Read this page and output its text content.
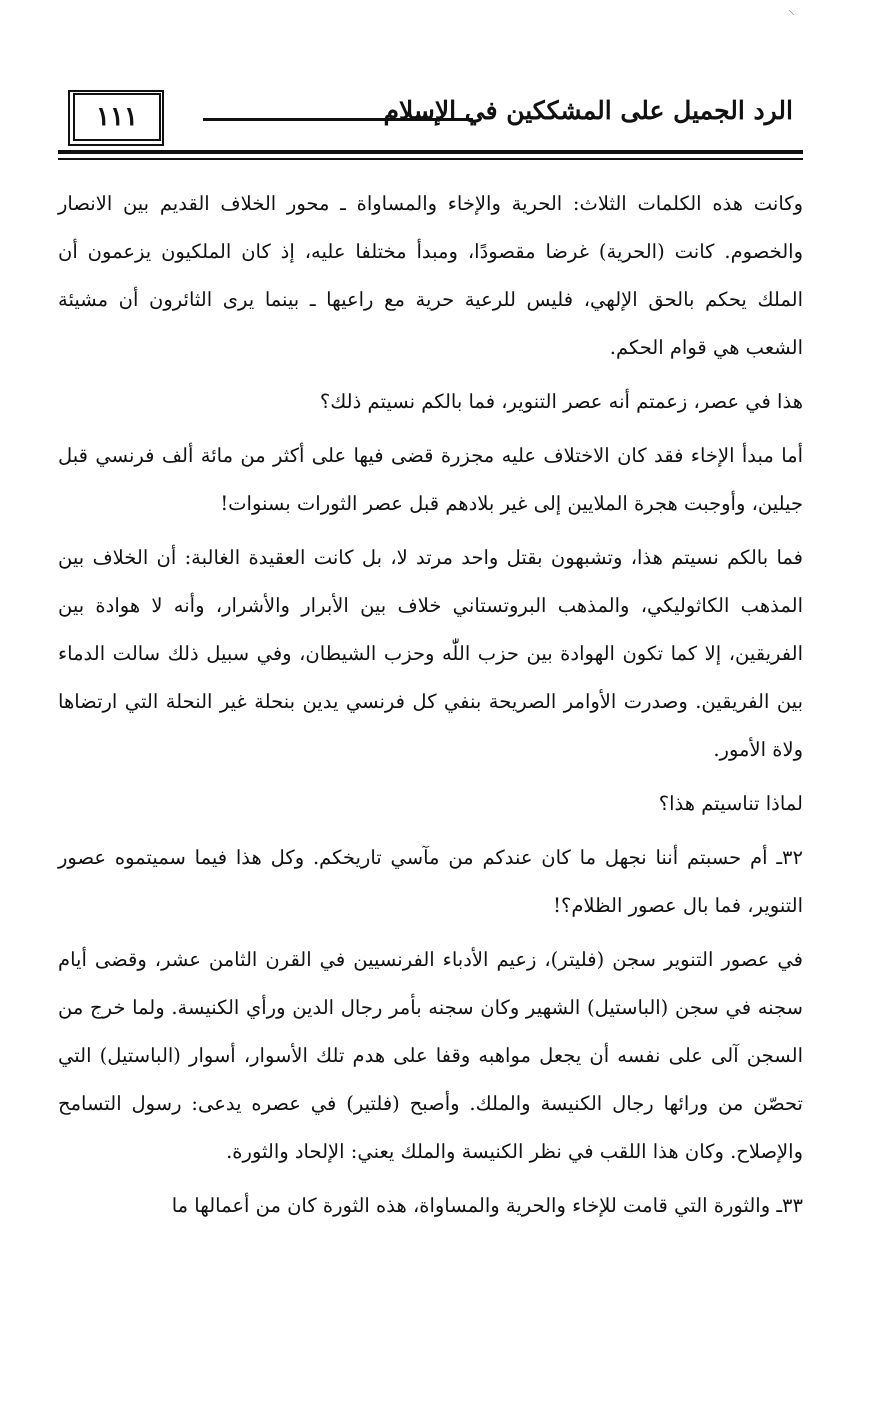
⸜
١١١	الرد الجميل على المشككين في الإسلام

وكانت هذه الكلمات الثلاث: الحرية والإخاء والمساواة ـ محور الخلاف القديم بين الانصار والخصوم. كانت (الحرية) غرضا مقصودًا، ومبدأ مختلفا عليه، إذ كان الملكيون يزعمون أن الملك يحكم بالحق الإلهي، فليس للرعية حرية مع راعيها ـ بينما يرى الثائرون أن مشيئة الشعب هي قوام الحكم.

هذا في عصر، زعمتم أنه عصر التنوير، فما بالكم نسيتم ذلك؟

أما مبدأ الإخاء فقد كان الاختلاف عليه مجزرة قضى فيها على أكثر من مائة ألف فرنسي قبل جيلين، وأوجبت هجرة الملايين إلى غير بلادهم قبل عصر الثورات بسنوات!

فما بالكم نسيتم هذا، وتشبهون بقتل واحد مرتد لا، بل كانت العقيدة الغالبة: أن الخلاف بين المذهب الكاثوليكي، والمذهب البروتستاني خلاف بين الأبرار والأشرار، وأنه لا هوادة بين الفريقين، إلا كما تكون الهوادة بين حزب اللّٰه وحزب الشيطان، وفي سبيل ذلك سالت الدماء بين الفريقين. وصدرت الأوامر الصريحة بنفي كل فرنسي يدين بنحلة غير النحلة التي ارتضاها ولاة الأمور.

لماذا تناسيتم هذا؟

٣٢ـ أم حسبتم أننا نجهل ما كان عندكم من مآسي تاريخكم. وكل هذا فيما سميتموه عصور التنوير، فما بال عصور الظلام؟!

في عصور التنوير سجن (فليتر)، زعيم الأدباء الفرنسيين في القرن الثامن عشر، وقضى أيام سجنه في سجن (الباستيل) الشهير وكان سجنه بأمر رجال الدين ورأي الكنيسة. ولما خرج من السجن آلى على نفسه أن يجعل مواهبه وقفا على هدم تلك الأسوار، أسوار (الباستيل) التي تحصّن من ورائها رجال الكنيسة والملك. وأصبح (فلتير) في عصره يدعى: رسول التسامح والإصلاح. وكان هذا اللقب في نظر الكنيسة والملك يعني: الإلحاد والثورة.

٣٣ـ والثورة التي قامت للإخاء والحرية والمساواة، هذه الثورة كان من أعمالها ما
